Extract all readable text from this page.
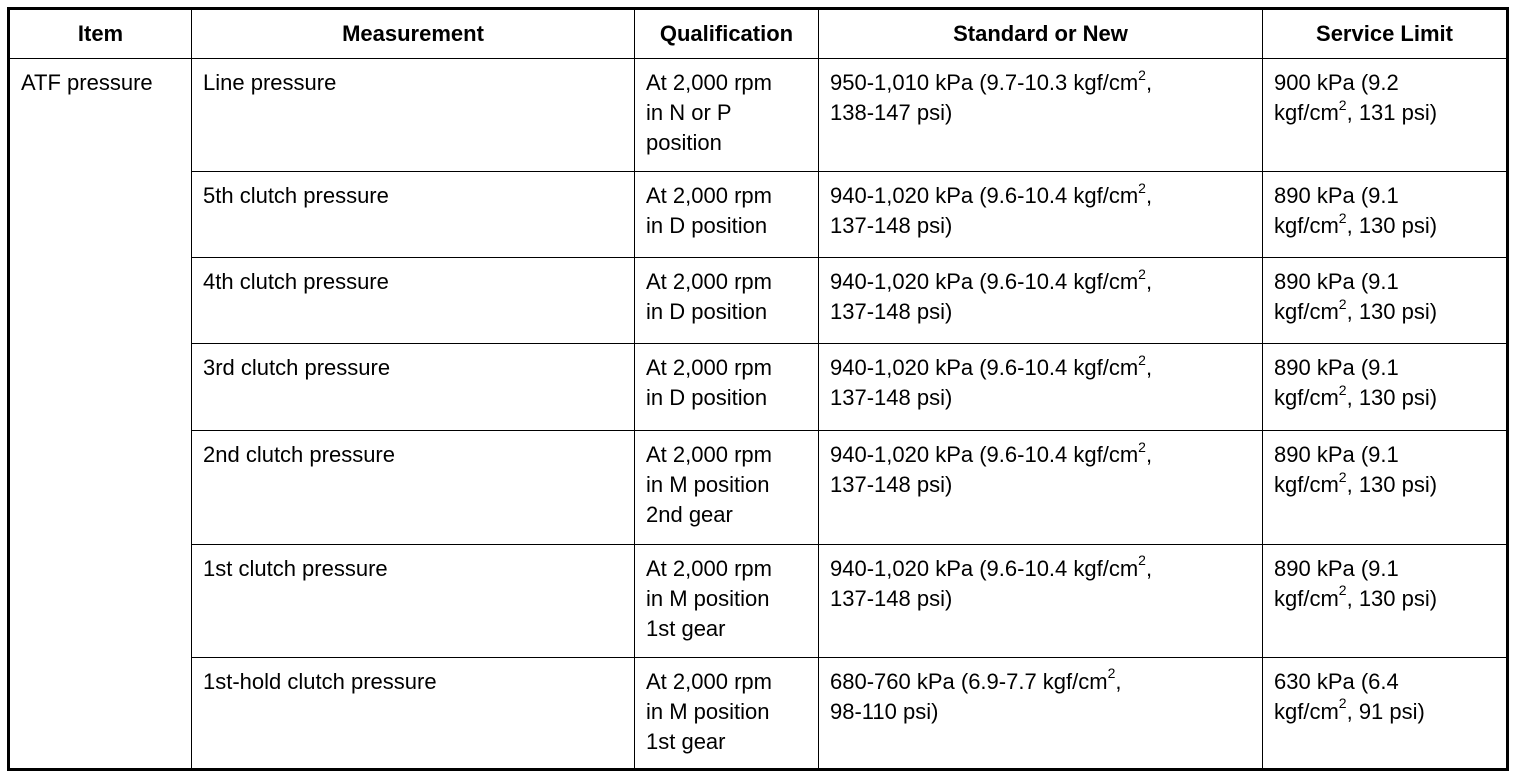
Item	Measurement	Qualification	Standard or New	Service Limit

ATF pressure	Line pressure	At 2,000 rpm
in N or P
position	950-1,010 kPa (9.7-10.3 kgf/$cm^2$,
138-147 psi)	900 kPa (9.2
kgf/$cm^2$, 131 psi)

	5th clutch pressure	At 2,000 rpm
in D position	940-1,020 kPa (9.6-10.4 kgf/$cm^2$,
137-148 psi)	890 kPa (9.1
kgf/$cm^2$, 130 psi)

	4th clutch pressure	At 2,000 rpm
in D position	940-1,020 kPa (9.6-10.4 kgf/$cm^2$,
137-148 psi)	890 kPa (9.1
kgf/$cm^2$, 130 psi)

	3rd clutch pressure	At 2,000 rpm
in D position	940-1,020 kPa (9.6-10.4 kgf/$cm^2$,
137-148 psi)	890 kPa (9.1
kgf/$cm^2$, 130 psi)

	2nd clutch pressure	At 2,000 rpm
in M position
2nd gear	940-1,020 kPa (9.6-10.4 kgf/$cm^2$,
137-148 psi)	890 kPa (9.1
kgf/$cm^2$, 130 psi)

	1st clutch pressure	At 2,000 rpm
in M position
1st gear	940-1,020 kPa (9.6-10.4 kgf/$cm^2$,
137-148 psi)	890 kPa (9.1
kgf/$cm^2$, 130 psi)

	1st-hold clutch pressure	At 2,000 rpm
in M position
1st gear	680-760 kPa (6.9-7.7 kgf/$cm^2$,
98-110 psi)	630 kPa (6.4
kgf/$cm^2$, 91 psi)
